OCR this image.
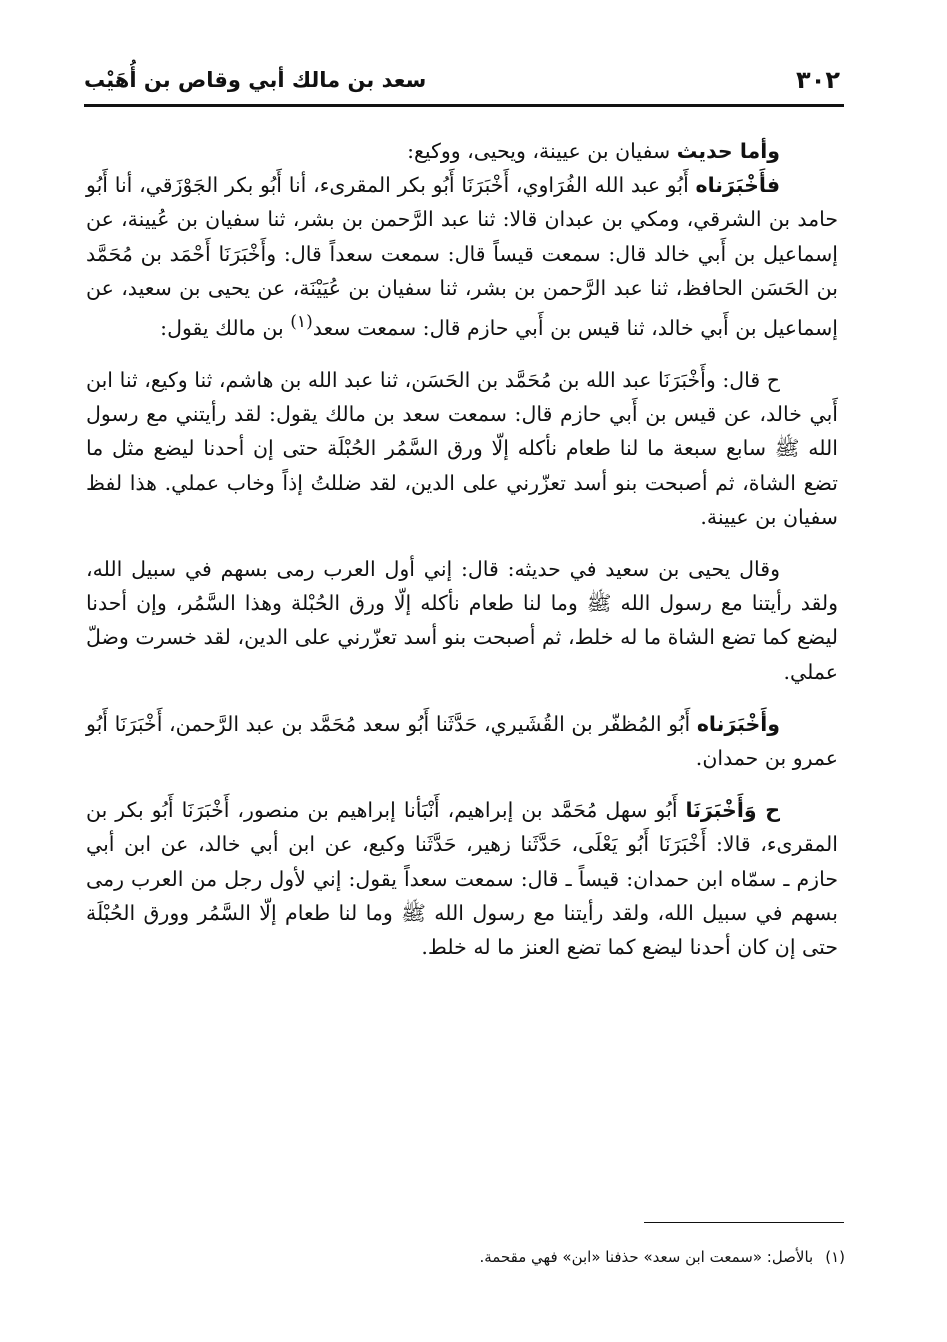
٣٠٢
سعد بن مالك أبي وقاص بن أُهَيْب

وأما حديث سفيان بن عيينة، ويحيى، ووكيع:

فأَخْبَرَناه أَبُو عبد الله الفُرَاوي، أَخْبَرَنَا أَبُو بكر المقرىء، أنا أَبُو بكر الجَوْزَقي، أنا أَبُو حامد بن الشرقي، ومكي بن عبدان قالا: ثنا عبد الرَّحمن بن بشر، ثنا سفيان بن عُيينة، عن إسماعيل بن أَبي خالد قال: سمعت قيساً قال: سمعت سعداً قال: وأَخْبَرَنَا أَحْمَد بن مُحَمَّد بن الحَسَن الحافظ، ثنا عبد الرَّحمن بن بشر، ثنا سفيان بن عُيَيْنَة، عن يحيى بن سعيد، عن إسماعيل بن أَبي خالد، ثنا قيس بن أَبي حازم قال: سمعت سعد$^{(١)}$ بن مالك يقول:

ح قال: وأَخْبَرَنَا عبد الله بن مُحَمَّد بن الحَسَن، ثنا عبد الله بن هاشم، ثنا وكيع، ثنا ابن أَبي خالد، عن قيس بن أَبي حازم قال: سمعت سعد بن مالك يقول: لقد رأيتني مع رسول الله ﷺ سابع سبعة ما لنا طعام نأكله إلّا ورق السَّمُر الحُبْلَة حتى إن أحدنا ليضع مثل ما تضع الشاة، ثم أصبحت بنو أسد تعزّرني على الدين، لقد ضللتُ إذاً وخاب عملي. هذا لفظ سفيان بن عيينة.

وقال يحيى بن سعيد في حديثه: قال: إني أول العرب رمى بسهم في سبيل الله، ولقد رأيتنا مع رسول الله ﷺ وما لنا طعام نأكله إلّا ورق الحُبْلة وهذا السَّمُر، وإن أحدنا ليضع كما تضع الشاة ما له خلط، ثم أصبحت بنو أسد تعزّرني على الدين، لقد خسرت وضلّ عملي.

وأَخْبَرَناه أَبُو المُظفّر بن القُشَيري، حَدَّثَنا أَبُو سعد مُحَمَّد بن عبد الرَّحمن، أَخْبَرَنَا أَبُو عمرو بن حمدان.

ح وَأَخْبَرَنَا أَبُو سهل مُحَمَّد بن إبراهيم، أَنْبَأنا إبراهيم بن منصور، أَخْبَرَنَا أَبُو بكر بن المقرىء، قالا: أَخْبَرَنَا أَبُو يَعْلَى، حَدَّثَنا زهير، حَدَّثَنا وكيع، عن ابن أبي خالد، عن ابن أبي حازم ـ سمّاه ابن حمدان: قيساً ـ قال: سمعت سعداً يقول: إني لأول رجل من العرب رمى بسهم في سبيل الله، ولقد رأيتنا مع رسول الله ﷺ وما لنا طعام إلّا السَّمُر وورق الحُبْلَة حتى إن كان أحدنا ليضع كما تضع العنز ما له خلط.

(١)بالأصل: «سمعت ابن سعد» حذفنا «ابن» فهي مقحمة.
